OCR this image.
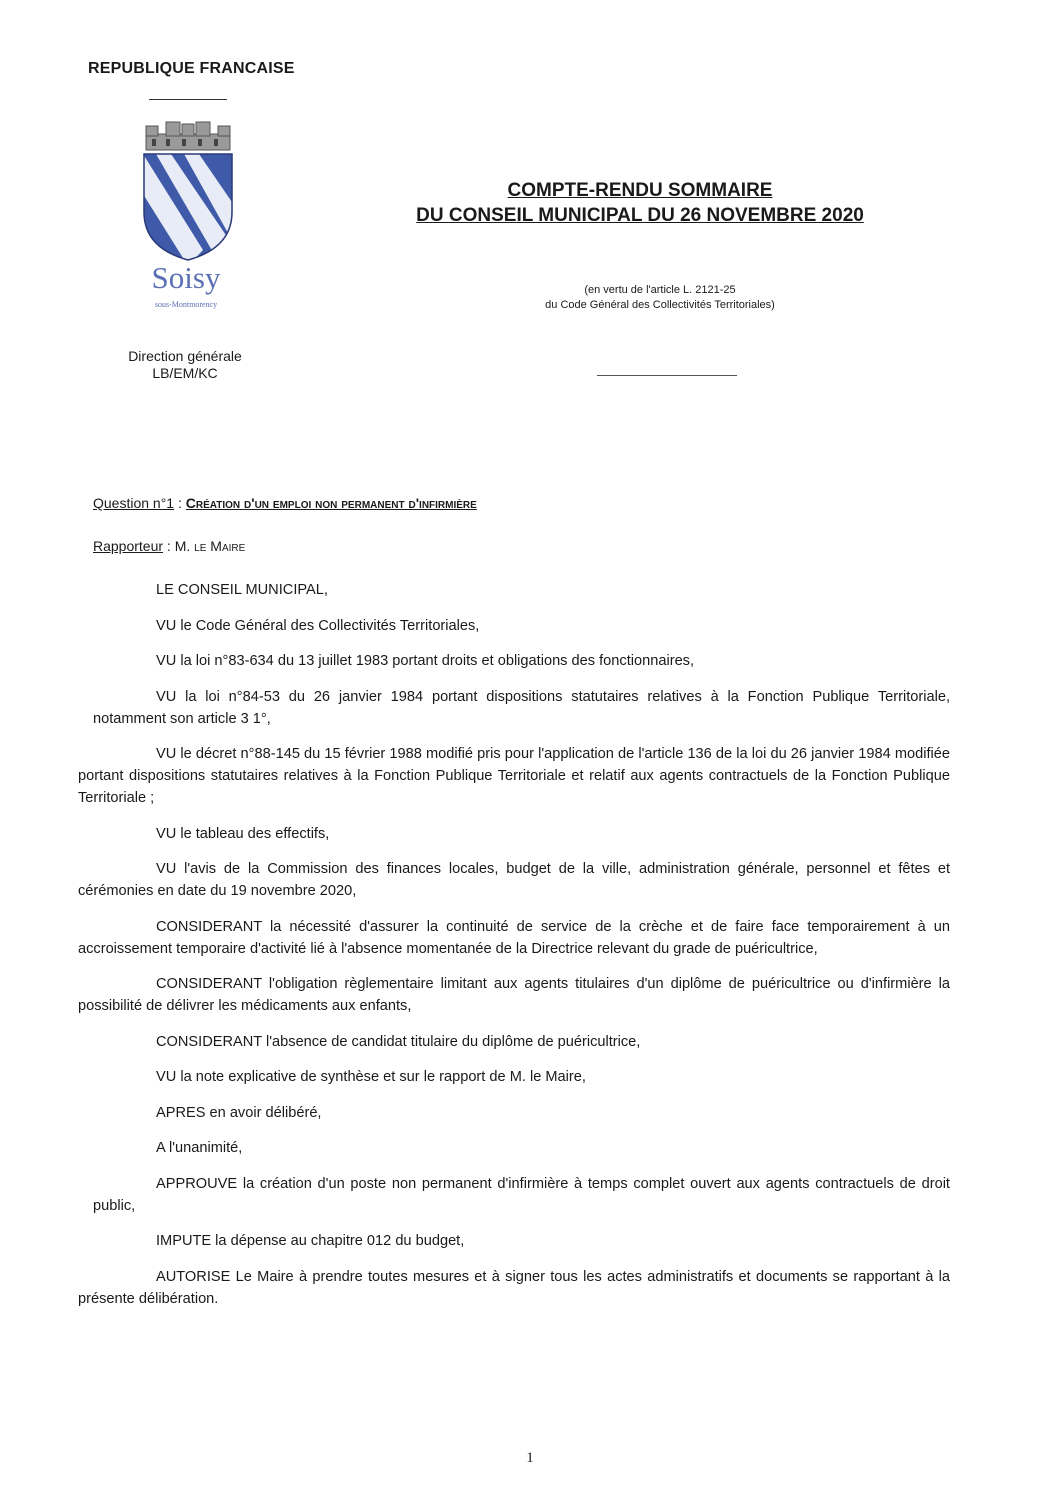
REPUBLIQUE FRANCAISE
Soisy
sous-Montmorency
Direction générale
LB/EM/KC
COMPTE-RENDU SOMMAIRE
DU CONSEIL MUNICIPAL DU 26 NOVEMBRE 2020
(en vertu de l'article L. 2121-25
du Code Général des Collectivités Territoriales)
Question n°1 : Création d'un emploi non permanent d'infirmière
Rapporteur : M. le Maire

LE CONSEIL MUNICIPAL,

VU le Code Général des Collectivités Territoriales,

VU la loi n°83-634 du 13 juillet 1983 portant droits et obligations des fonctionnaires,

VU la loi n°84-53 du 26 janvier 1984 portant dispositions statutaires relatives à la Fonction Publique Territoriale, notamment son article 3 1°,

VU le décret n°88-145 du 15 février 1988 modifié pris pour l'application de l'article 136 de la loi du 26 janvier 1984 modifiée portant dispositions statutaires relatives à la Fonction Publique Territoriale et relatif aux agents contractuels de la Fonction Publique Territoriale ;

VU le tableau des effectifs,

VU l'avis de la Commission des finances locales, budget de la ville, administration générale, personnel et fêtes et cérémonies en date du 19 novembre 2020,

CONSIDERANT la nécessité d'assurer la continuité de service de la crèche et de faire face temporairement à un accroissement temporaire d'activité lié à l'absence momentanée de la Directrice relevant du grade de puéricultrice,

CONSIDERANT l'obligation règlementaire limitant aux agents titulaires d'un diplôme de puéricultrice ou d'infirmière la possibilité de délivrer les médicaments aux enfants,

CONSIDERANT l'absence de candidat titulaire du diplôme de puéricultrice,

VU la note explicative de synthèse et sur le rapport de M. le Maire,

APRES en avoir délibéré,

A l'unanimité,

APPROUVE la création d'un poste non permanent d'infirmière à temps complet ouvert aux agents contractuels de droit public,

IMPUTE la dépense au chapitre 012 du budget,

AUTORISE Le Maire à prendre toutes mesures et à signer tous les actes administratifs et documents se rapportant à la présente délibération.

1
